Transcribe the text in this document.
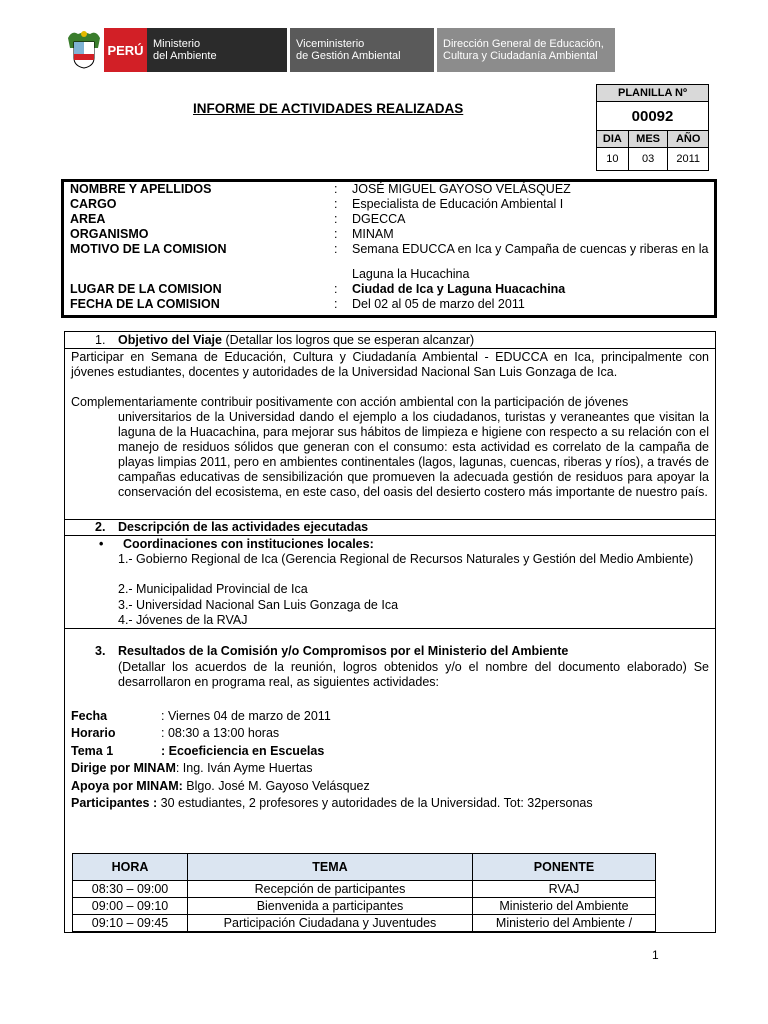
PERÚ Ministerio
del Ambiente
Viceministerio
de Gestión Ambiental
Dirección General de Educación,
Cultura y Ciudadanía Ambiental
INFORME DE ACTIVIDADES REALIZADAS
PLANILLA Nº		
00092		
DIA	MES	AÑO
10	03	2011
NOMBRE Y APELLIDOS	: JOSÉ MIGUEL GAYOSO VELÁSQUEZ
CARGO	: Especialista de Educación Ambiental I
AREA	: DGECCA
ORGANISMO	: MINAM
MOTIVO DE LA COMISION	: Semana EDUCCA en Ica y Campaña de cuencas y riberas en la
Laguna la Hucachina
LUGAR DE LA COMISION	: Ciudad de Ica y Laguna Huacachina
FECHA DE LA COMISION	: Del 02 al 05 de marzo del 2011
1. Objetivo del Viaje (Detallar los logros que se esperan alcanzar)
Participar en Semana de Educación, Cultura y Ciudadanía Ambiental - EDUCCA en Ica, principalmente con jóvenes estudiantes, docentes y autoridades de la Universidad Nacional San Luis Gonzaga de Ica.
Complementariamente contribuir positivamente con acción ambiental con la participación de jóvenes
universitarios de la Universidad dando el ejemplo a los ciudadanos, turistas y veraneantes que visitan la laguna de la Huacachina, para mejorar sus hábitos de limpieza e higiene con respecto a su relación con el manejo de residuos sólidos que generan con el consumo: esta actividad es correlato de la campaña de playas limpias 2011, pero en ambientes continentales (lagos, lagunas, cuencas, riberas y ríos), a través de campañas educativas de sensibilización que promueven la adecuada gestión de residuos para apoyar la conservación del ecosistema, en este caso, del oasis del desierto costero más importante de nuestro país.
2. Descripción de las actividades ejecutadas
• Coordinaciones con instituciones locales:
1.- Gobierno Regional de Ica (Gerencia Regional de Recursos Naturales y Gestión del Medio Ambiente)
2.- Municipalidad Provincial de Ica
3.- Universidad Nacional San Luis Gonzaga de Ica
4.- Jóvenes de la RVAJ
3. Resultados de la Comisión y/o Compromisos por el Ministerio del Ambiente
(Detallar los acuerdos de la reunión, logros obtenidos y/o el nombre del documento elaborado) Se desarrollaron en programa real, as siguientes actividades:
Fecha	: Viernes 04 de marzo de 2011
Horario	: 08:30 a 13:00 horas
Tema 1	: Ecoeficiencia en Escuelas
Dirige por MINAM: Ing. Iván Ayme Huertas
Apoya por MINAM: Blgo. José M. Gayoso Velásquez
Participantes : 30 estudiantes, 2 profesores y autoridades de la Universidad. Tot: 32personas
HORA	TEMA	PONENTE
08:30 – 09:00	Recepción de participantes	RVAJ
09:00 – 09:10	Bienvenida a participantes	Ministerio del Ambiente
09:10 – 09:45	Participación Ciudadana y Juventudes	Ministerio del Ambiente /
1
